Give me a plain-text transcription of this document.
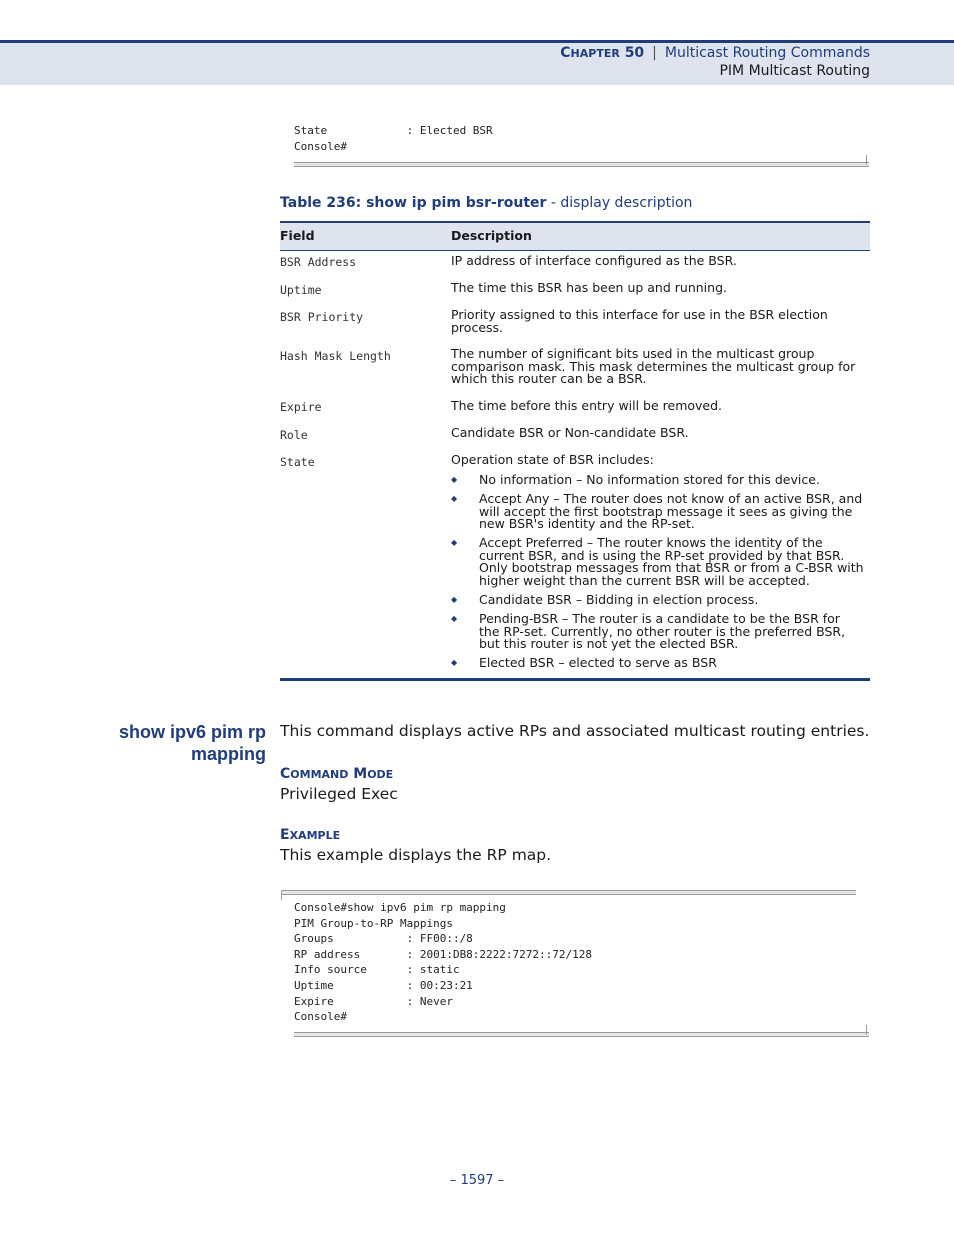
CHAPTER 50 | Multicast Routing Commands
PIM Multicast Routing
State            : Elected BSR
Console#
Table 236: show ip pim bsr-router - display description
Field	Description
BSR Address	IP address of interface configured as the BSR.
Uptime	The time this BSR has been up and running.
BSR Priority	Priority assigned to this interface for use in the BSR election process.
Hash Mask Length	The number of significant bits used in the multicast group comparison mask. This mask determines the multicast group for which this router can be a BSR.
Expire	The time before this entry will be removed.
Role	Candidate BSR or Non-candidate BSR.
State	Operation state of BSR includes:
◆ No information – No information stored for this device.
◆ Accept Any – The router does not know of an active BSR, and will accept the first bootstrap message it sees as giving the new BSR's identity and the RP-set.
◆ Accept Preferred – The router knows the identity of the current BSR, and is using the RP-set provided by that BSR. Only bootstrap messages from that BSR or from a C-BSR with higher weight than the current BSR will be accepted.
◆ Candidate BSR – Bidding in election process.
◆ Pending-BSR – The router is a candidate to be the BSR for the RP-set. Currently, no other router is the preferred BSR, but this router is not yet the elected BSR.
◆ Elected BSR – elected to serve as BSR
show ipv6 pim rp
mapping
This command displays active RPs and associated multicast routing entries.
COMMAND MODE
Privileged Exec
EXAMPLE
This example displays the RP map.
Console#show ipv6 pim rp mapping
PIM Group-to-RP Mappings
Groups           : FF00::/8
RP address       : 2001:DB8:2222:7272::72/128
Info source      : static
Uptime           : 00:23:21
Expire           : Never
Console#
– 1597 –
